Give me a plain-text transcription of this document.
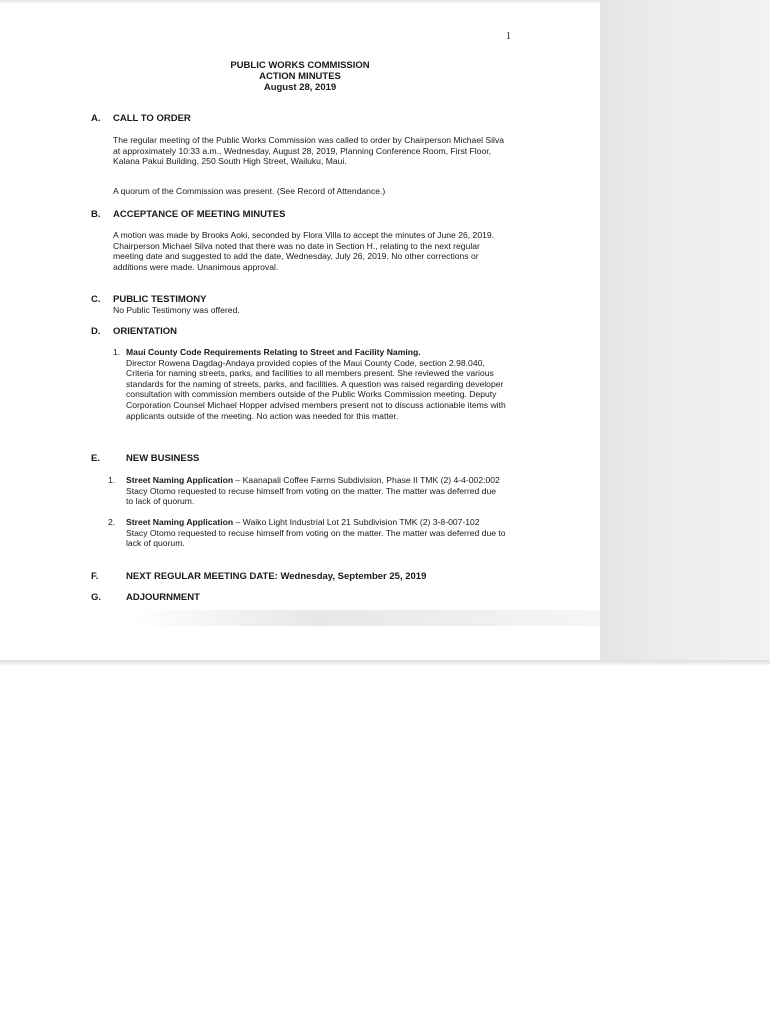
1
PUBLIC WORKS COMMISSION
ACTION MINUTES
August 28, 2019
A. CALL TO ORDER
The regular meeting of the Public Works Commission was called to order by Chairperson Michael Silva at approximately 10:33 a.m., Wednesday, August 28, 2019, Planning Conference Room, First Floor, Kalana Pakui Building, 250 South High Street, Wailuku, Maui.
A quorum of the Commission was present. (See Record of Attendance.)
B. ACCEPTANCE OF MEETING MINUTES
A motion was made by Brooks Aoki, seconded by Flora Villa to accept the minutes of June 26, 2019. Chairperson Michael Silva noted that there was no date in Section H., relating to the next regular meeting date and suggested to add the date, Wednesday, July 26, 2019. No other corrections or additions were made. Unanimous approval.
C. PUBLIC TESTIMONY
No Public Testimony was offered.
D. ORIENTATION
1. Maui County Code Requirements Relating to Street and Facility Naming.
Director Rowena Dagdag-Andaya provided copies of the Maui County Code, section 2.98.040, Criteria for naming streets, parks, and facilities to all members present. She reviewed the various standards for the naming of streets, parks, and facilities. A question was raised regarding developer consultation with commission members outside of the Public Works Commission meeting. Deputy Corporation Counsel Michael Hopper advised members present not to discuss actionable items with applicants outside of the meeting. No action was needed for this matter.
E.	NEW BUSINESS
1. Street Naming Application – Kaanapali Coffee Farms Subdivision, Phase II TMK (2) 4-4-002:002
Stacy Otomo requested to recuse himself from voting on the matter. The matter was deferred due to lack of quorum.
2. Street Naming Application – Waiko Light Industrial Lot 21 Subdivision TMK (2) 3-8-007-102
Stacy Otomo requested to recuse himself from voting on the matter. The matter was deferred due to lack of quorum.
F.	NEXT REGULAR MEETING DATE: Wednesday, September 25, 2019
G.	ADJOURNMENT
